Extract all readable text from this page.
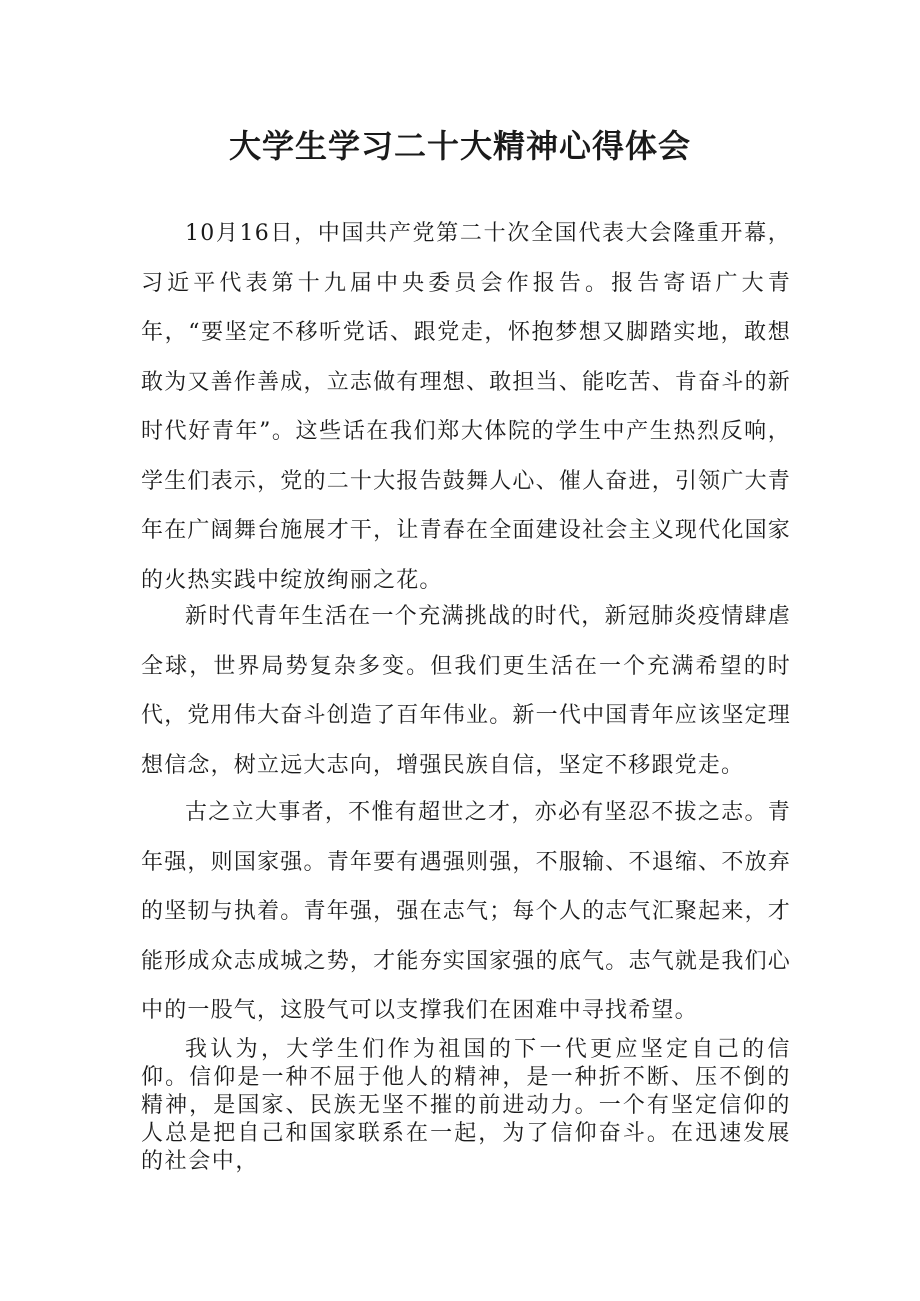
大学生学习二十大精神心得体会

10月16日，中国共产党第二十次全国代表大会隆重开幕，习近平代表第十九届中央委员会作报告。报告寄语广大青年，“要坚定不移听党话、跟党走，怀抱梦想又脚踏实地，敢想敢为又善作善成，立志做有理想、敢担当、能吃苦、肯奋斗的新时代好青年”。这些话在我们郑大体院的学生中产生热烈反响，学生们表示，党的二十大报告鼓舞人心、催人奋进，引领广大青年在广阔舞台施展才干，让青春在全面建设社会主义现代化国家的火热实践中绽放绚丽之花。

新时代青年生活在一个充满挑战的时代，新冠肺炎疫情肆虐全球，世界局势复杂多变。但我们更生活在一个充满希望的时代，党用伟大奋斗创造了百年伟业。新一代中国青年应该坚定理想信念，树立远大志向，增强民族自信，坚定不移跟党走。

古之立大事者，不惟有超世之才，亦必有坚忍不拔之志。青年强，则国家强。青年要有遇强则强，不服输、不退缩、不放弃的坚韧与执着。青年强，强在志气；每个人的志气汇聚起来，才能形成众志成城之势，才能夯实国家强的底气。志气就是我们心中的一股气，这股气可以支撑我们在困难中寻找希望。

我认为，大学生们作为祖国的下一代更应坚定自己的信仰。信仰是一种不屈于他人的精神，是一种折不断、压不倒的精神，是国家、民族无坚不摧的前进动力。一个有坚定信仰的人总是把自己和国家联系在一起，为了信仰奋斗。在迅速发展的社会中，
